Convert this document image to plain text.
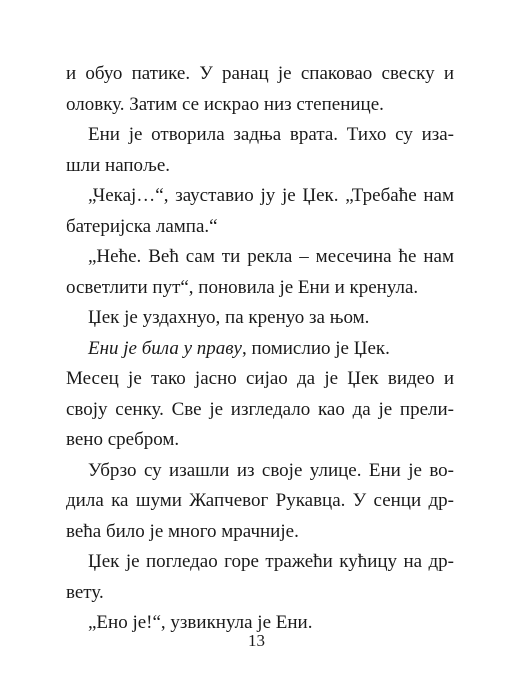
и обуо патике. У ранац је спаковао свеску и
оловку. Затим се искрао низ степенице.
Ени је отворила задња врата. Тихо су иза-
шли напоље.
„Чекај…“, зауставио ју је Џек. „Требаће нам
батеријска лампа.“
„Неће. Већ сам ти рекла – месечина ће нам
осветлити пут“, поновила је Ени и кренула.
Џек је уздахнуо, па кренуо за њом.
Ени је била у праву, помислио је Џек.
Месец је тако јасно сијао да је Џек видео и
своју сенку. Све је изгледало као да је прели-
вено сребром.
Убрзо су изашли из своје улице. Ени је во-
дила ка шуми Жапчевог Рукавца. У сенци др-
већа било је много мрачније.
Џек је погледао горе тражећи кућицу на др-
вету.
„Ено је!“, узвикнула је Ени.
13
